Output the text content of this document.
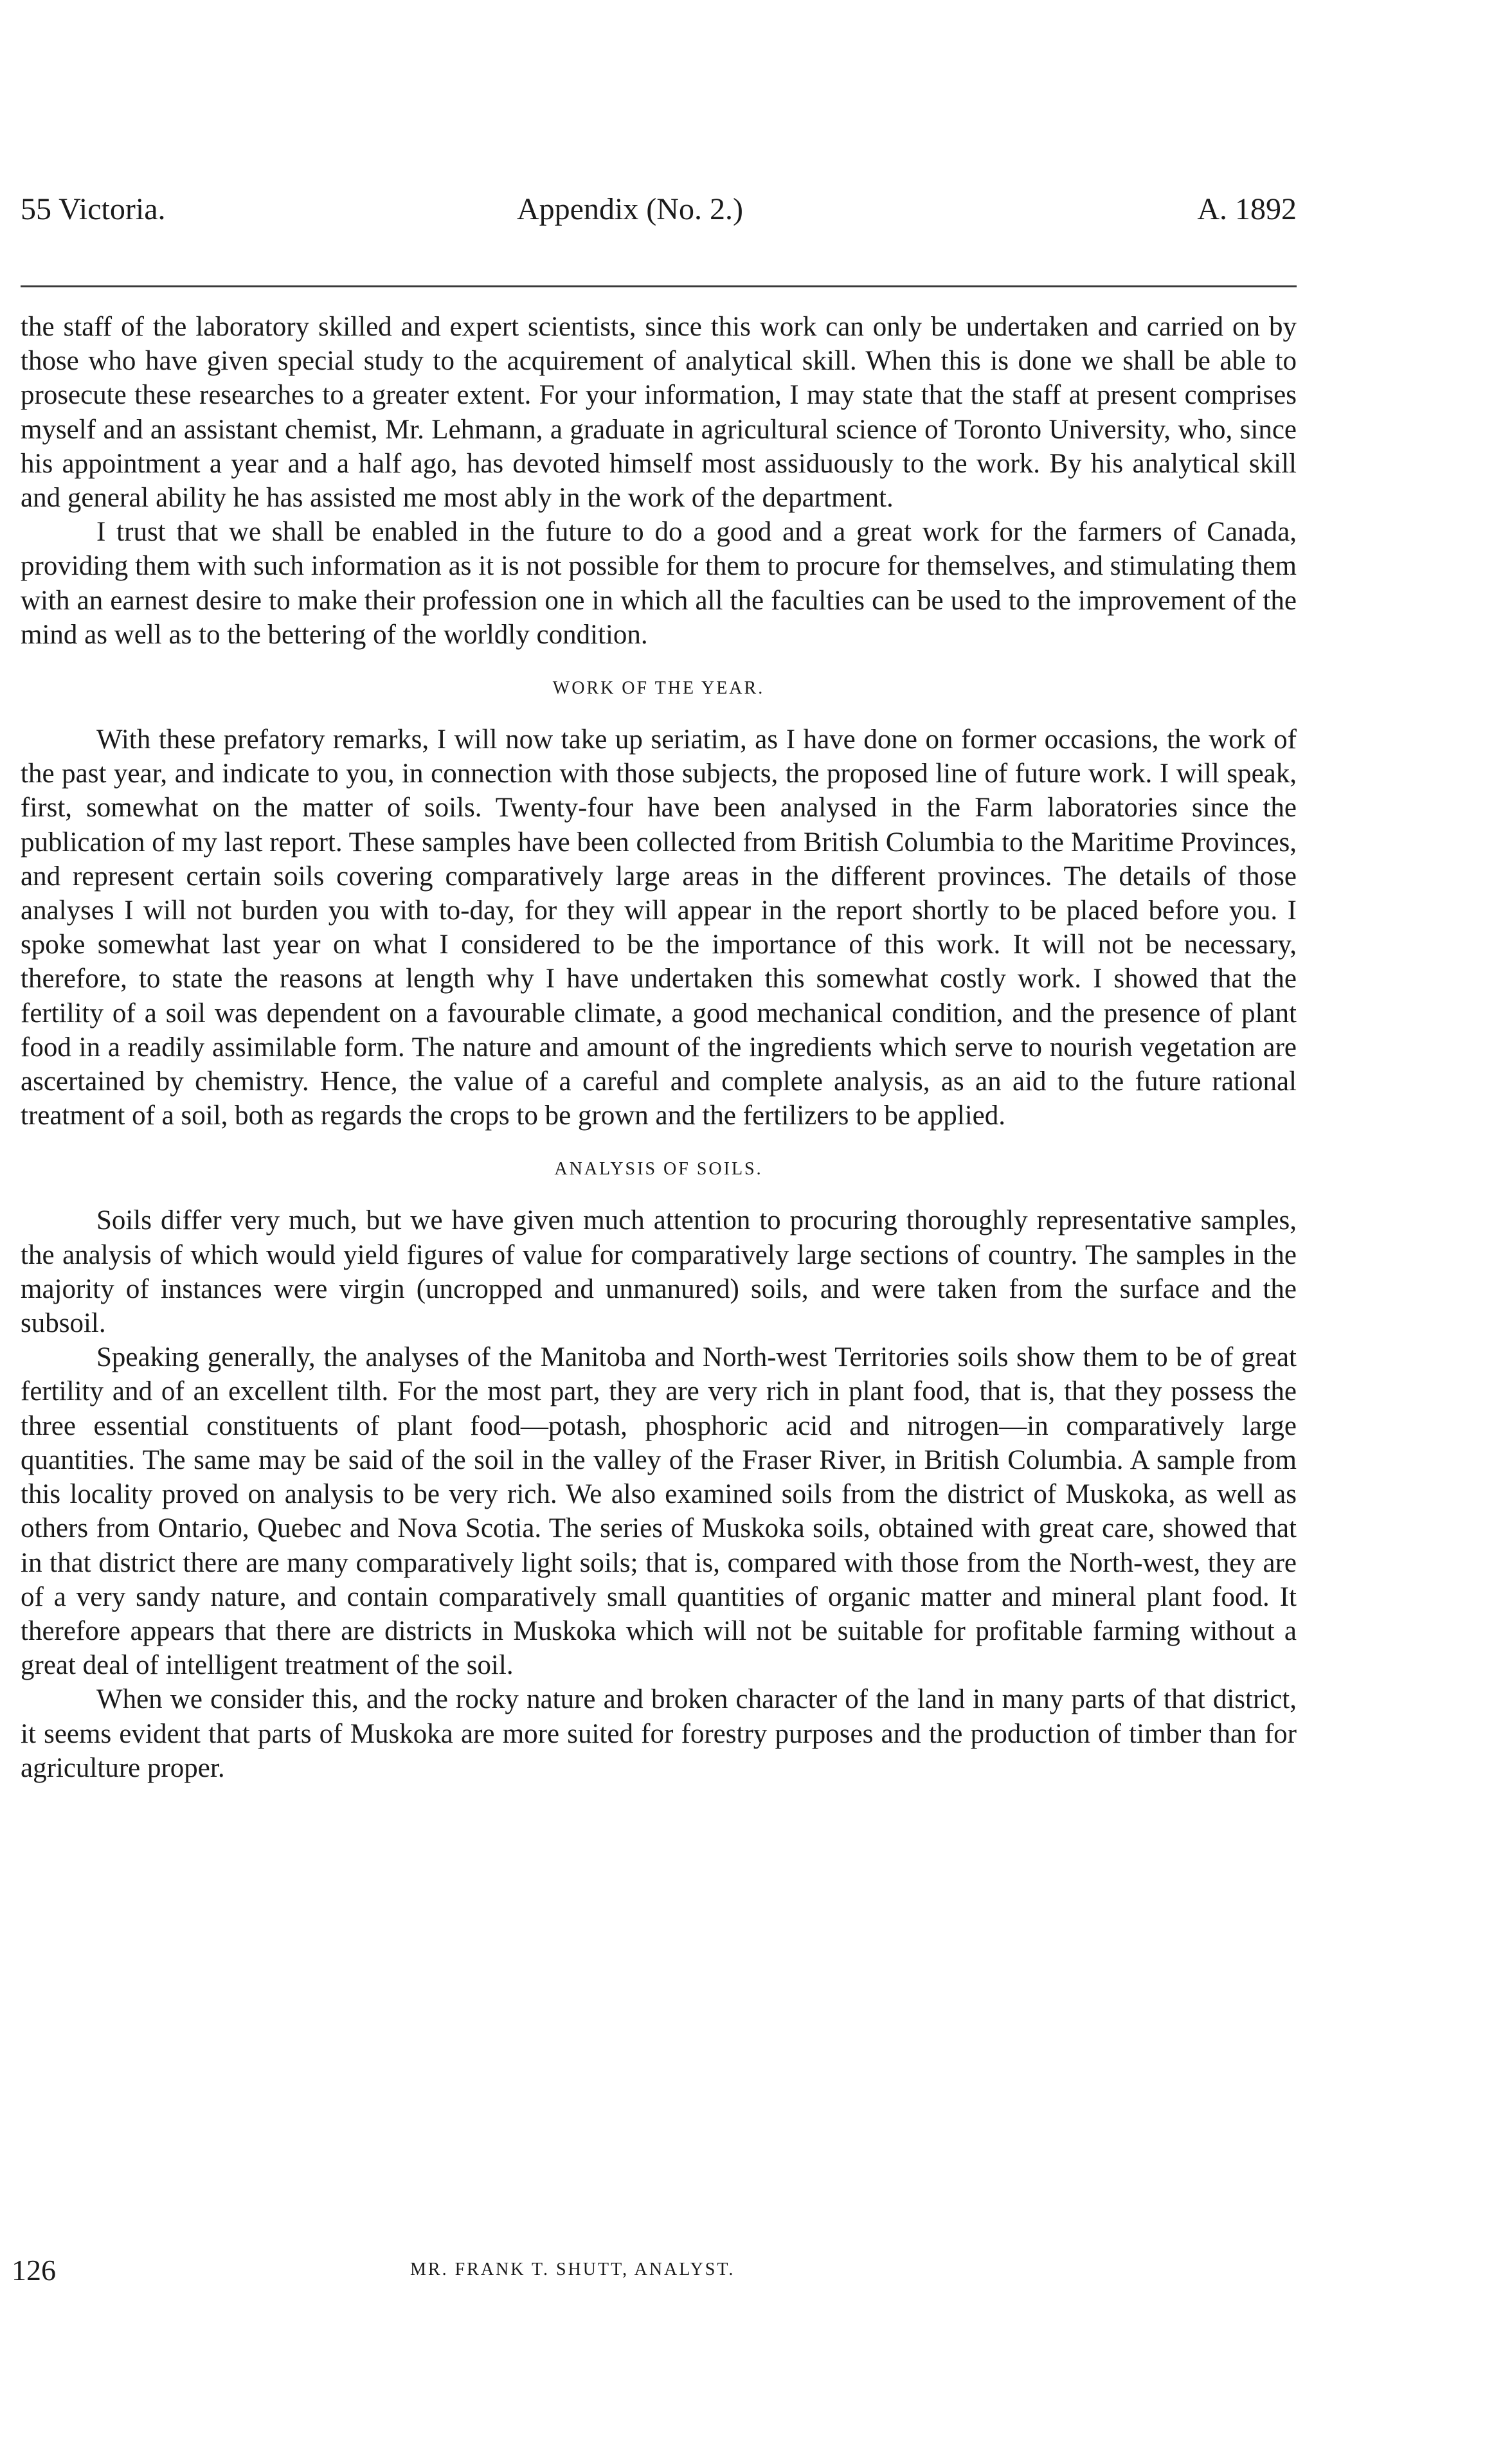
55 Victoria.	Appendix (No. 2.)	A. 1892

the staff of the laboratory skilled and expert scientists, since this work can only be undertaken and carried on by those who have given special study to the acquirement of analytical skill. When this is done we shall be able to prosecute these researches to a greater extent. For your information, I may state that the staff at present comprises myself and an assistant chemist, Mr. Lehmann, a graduate in agricultural science of Toronto University, who, since his appointment a year and a half ago, has devoted himself most assiduously to the work. By his analytical skill and general ability he has assisted me most ably in the work of the department.

I trust that we shall be enabled in the future to do a good and a great work for the farmers of Canada, providing them with such information as it is not possible for them to procure for themselves, and stimulating them with an earnest desire to make their profession one in which all the faculties can be used to the improvement of the mind as well as to the bettering of the worldly condition.

WORK OF THE YEAR.

With these prefatory remarks, I will now take up seriatim, as I have done on former occasions, the work of the past year, and indicate to you, in connection with those subjects, the proposed line of future work. I will speak, first, somewhat on the matter of soils. Twenty-four have been analysed in the Farm laboratories since the publication of my last report. These samples have been collected from British Columbia to the Maritime Provinces, and represent certain soils covering comparatively large areas in the different provinces. The details of those analyses I will not burden you with to-day, for they will appear in the report shortly to be placed before you. I spoke somewhat last year on what I considered to be the importance of this work. It will not be necessary, therefore, to state the reasons at length why I have undertaken this somewhat costly work. I showed that the fertility of a soil was dependent on a favourable climate, a good mechanical condition, and the presence of plant food in a readily assimilable form. The nature and amount of the ingredients which serve to nourish vegetation are ascertained by chemistry. Hence, the value of a careful and complete analysis, as an aid to the future rational treatment of a soil, both as regards the crops to be grown and the fertilizers to be applied.

ANALYSIS OF SOILS.

Soils differ very much, but we have given much attention to procuring thoroughly representative samples, the analysis of which would yield figures of value for comparatively large sections of country. The samples in the majority of instances were virgin (uncropped and unmanured) soils, and were taken from the surface and the subsoil.

Speaking generally, the analyses of the Manitoba and North-west Territories soils show them to be of great fertility and of an excellent tilth. For the most part, they are very rich in plant food, that is, that they possess the three essential constituents of plant food—potash, phosphoric acid and nitrogen—in comparatively large quantities. The same may be said of the soil in the valley of the Fraser River, in British Columbia. A sample from this locality proved on analysis to be very rich. We also examined soils from the district of Muskoka, as well as others from Ontario, Quebec and Nova Scotia. The series of Muskoka soils, obtained with great care, showed that in that district there are many comparatively light soils; that is, compared with those from the North-west, they are of a very sandy nature, and contain comparatively small quantities of organic matter and mineral plant food. It therefore appears that there are districts in Muskoka which will not be suitable for profitable farming without a great deal of intelligent treatment of the soil.

When we consider this, and the rocky nature and broken character of the land in many parts of that district, it seems evident that parts of Muskoka are more suited for forestry purposes and the production of timber than for agriculture proper.

126	MR. FRANK T. SHUTT, ANALYST.
